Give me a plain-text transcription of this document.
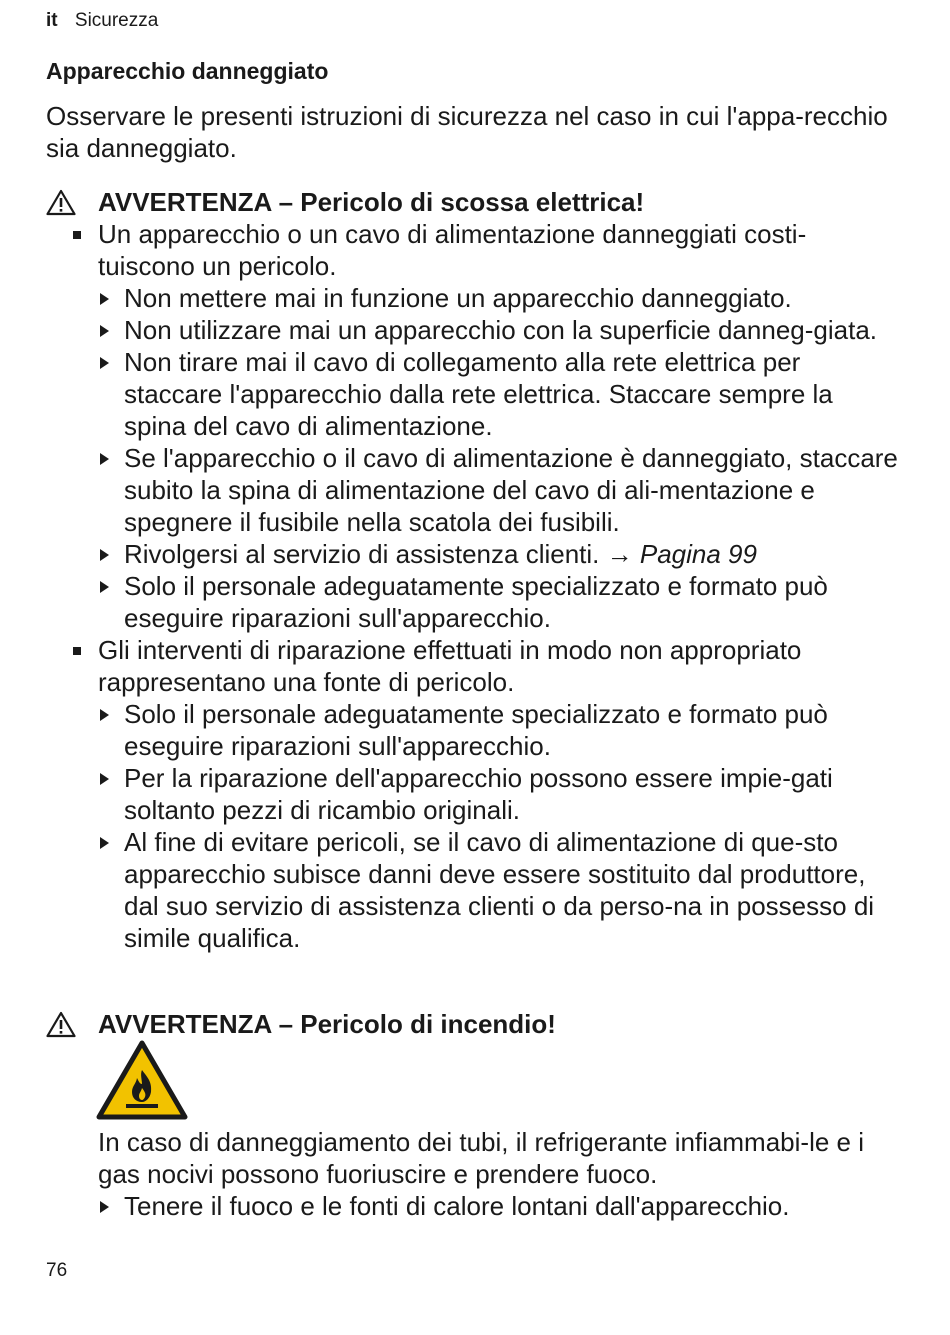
it Sicurezza
Apparecchio danneggiato
Osservare le presenti istruzioni di sicurezza nel caso in cui l'appa-recchio sia danneggiato.
AVVERTENZA – Pericolo di scossa elettrica!

Un apparecchio o un cavo di alimentazione danneggiati costi-tuiscono un pericolo.

Non mettere mai in funzione un apparecchio danneggiato.

Non utilizzare mai un apparecchio con la superficie danneg-giata.

Non tirare mai il cavo di collegamento alla rete elettrica per staccare l'apparecchio dalla rete elettrica. Staccare sempre la spina del cavo di alimentazione.

Se l'apparecchio o il cavo di alimentazione è danneggiato, staccare subito la spina di alimentazione del cavo di ali-mentazione e spegnere il fusibile nella scatola dei fusibili.

Rivolgersi al servizio di assistenza clienti. → Pagina 99

Solo il personale adeguatamente specializzato e formato può eseguire riparazioni sull'apparecchio.

Gli interventi di riparazione effettuati in modo non appropriato rappresentano una fonte di pericolo.

Solo il personale adeguatamente specializzato e formato può eseguire riparazioni sull'apparecchio.

Per la riparazione dell'apparecchio possono essere impie-gati soltanto pezzi di ricambio originali.

Al fine di evitare pericoli, se il cavo di alimentazione di que-sto apparecchio subisce danni deve essere sostituito dal produttore, dal suo servizio di assistenza clienti o da perso-na in possesso di simile qualifica.

AVVERTENZA – Pericolo di incendio!

In caso di danneggiamento dei tubi, il refrigerante infiammabi-le e i gas nocivi possono fuoriuscire e prendere fuoco.

Tenere il fuoco e le fonti di calore lontani dall'apparecchio.

76
